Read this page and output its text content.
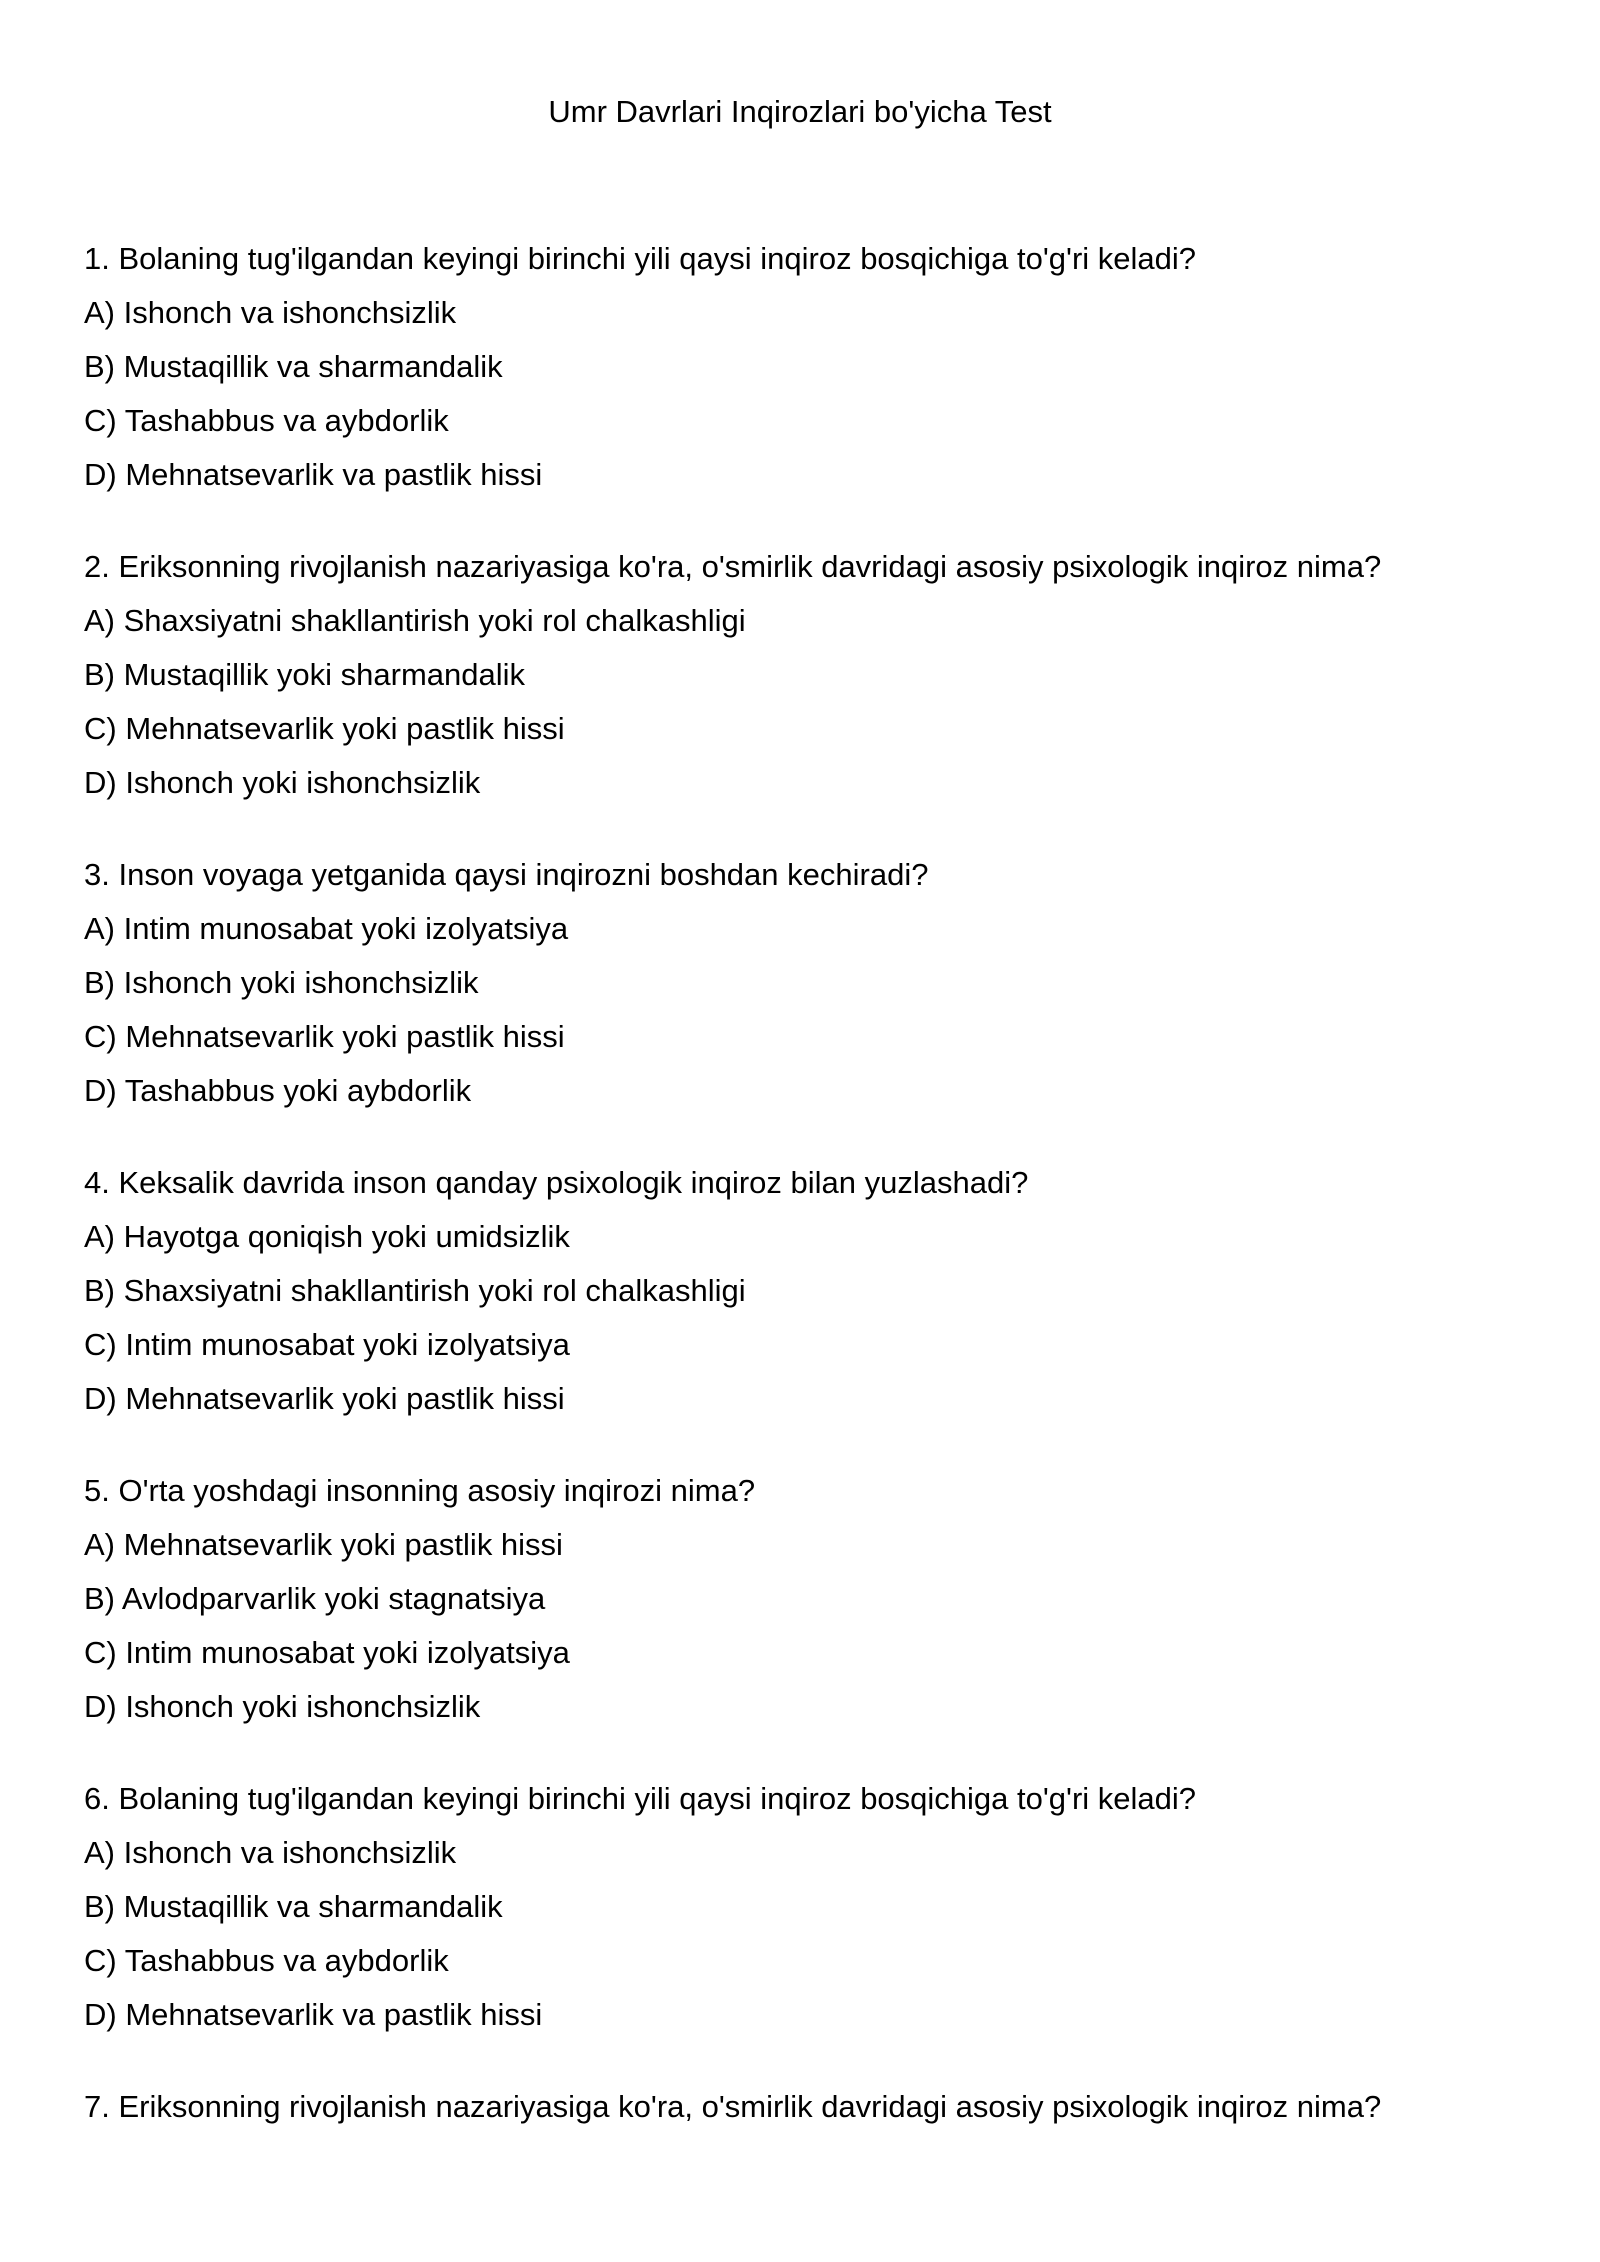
Umr Davrlari Inqirozlari bo'yicha Test
1. Bolaning tug'ilgandan keyingi birinchi yili qaysi inqiroz bosqichiga to'g'ri keladi?
A) Ishonch va ishonchsizlik
B) Mustaqillik va sharmandalik
C) Tashabbus va aybdorlik
D) Mehnatsevarlik va pastlik hissi
2. Eriksonning rivojlanish nazariyasiga ko'ra, o'smirlik davridagi asosiy psixologik inqiroz nima?
A) Shaxsiyatni shakllantirish yoki rol chalkashligi
B) Mustaqillik yoki sharmandalik
C) Mehnatsevarlik yoki pastlik hissi
D) Ishonch yoki ishonchsizlik
3. Inson voyaga yetganida qaysi inqirozni boshdan kechiradi?
A) Intim munosabat yoki izolyatsiya
B) Ishonch yoki ishonchsizlik
C) Mehnatsevarlik yoki pastlik hissi
D) Tashabbus yoki aybdorlik
4. Keksalik davrida inson qanday psixologik inqiroz bilan yuzlashadi?
A) Hayotga qoniqish yoki umidsizlik
B) Shaxsiyatni shakllantirish yoki rol chalkashligi
C) Intim munosabat yoki izolyatsiya
D) Mehnatsevarlik yoki pastlik hissi
5. O'rta yoshdagi insonning asosiy inqirozi nima?
A) Mehnatsevarlik yoki pastlik hissi
B) Avlodparvarlik yoki stagnatsiya
C) Intim munosabat yoki izolyatsiya
D) Ishonch yoki ishonchsizlik
6. Bolaning tug'ilgandan keyingi birinchi yili qaysi inqiroz bosqichiga to'g'ri keladi?
A) Ishonch va ishonchsizlik
B) Mustaqillik va sharmandalik
C) Tashabbus va aybdorlik
D) Mehnatsevarlik va pastlik hissi
7. Eriksonning rivojlanish nazariyasiga ko'ra, o'smirlik davridagi asosiy psixologik inqiroz nima?
